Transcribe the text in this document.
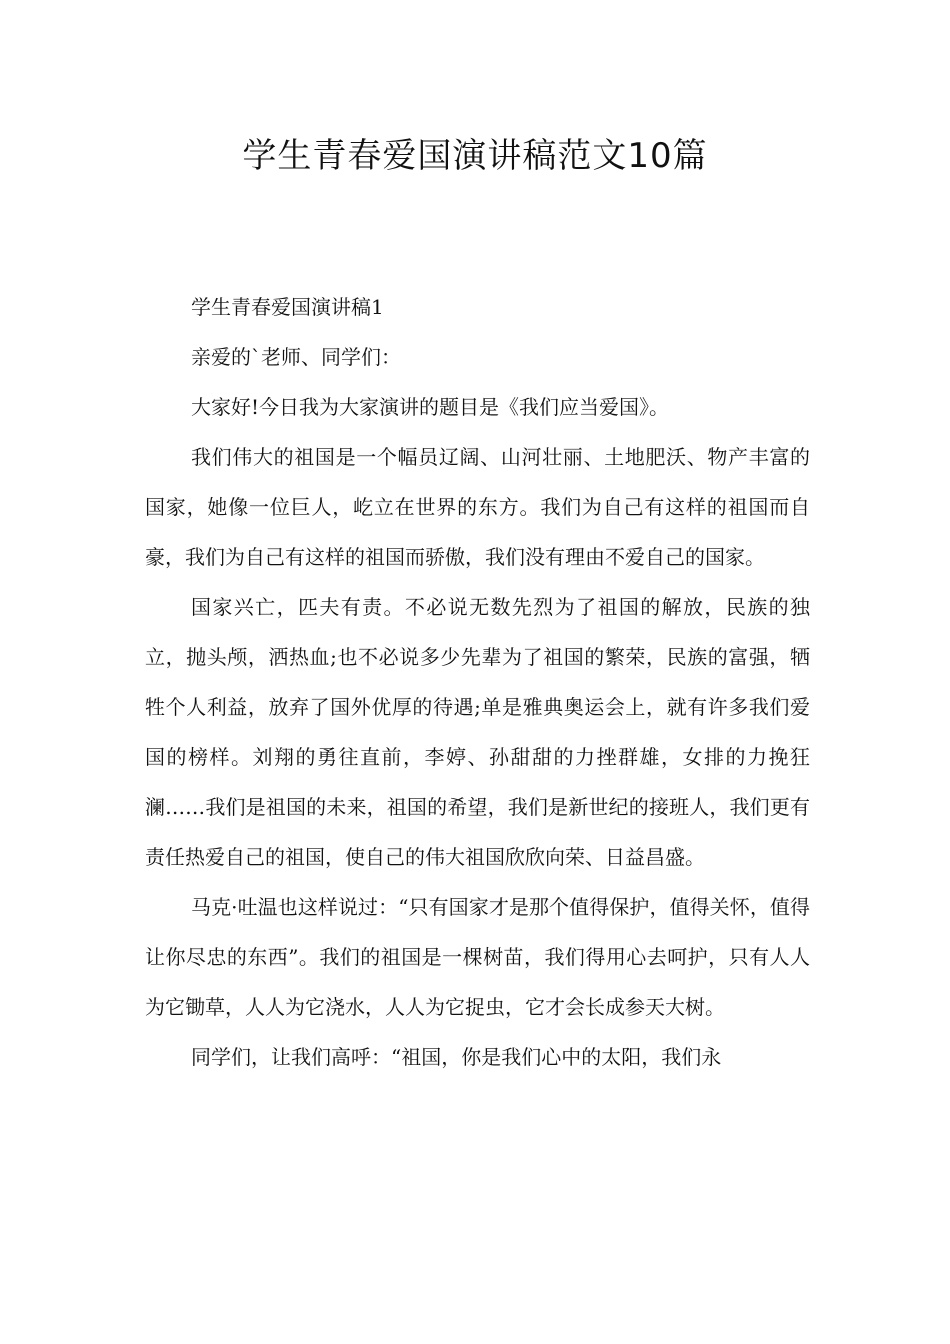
学生青春爱国演讲稿范文10篇

学生青春爱国演讲稿1

亲爱的`老师、同学们：

大家好!今日我为大家演讲的题目是《我们应当爱国》。

我们伟大的祖国是一个幅员辽阔、山河壮丽、土地肥沃、物产丰富的国家，她像一位巨人，屹立在世界的东方。我们为自己有这样的祖国而自豪，我们为自己有这样的祖国而骄傲，我们没有理由不爱自己的国家。

国家兴亡，匹夫有责。不必说无数先烈为了祖国的解放，民族的独立，抛头颅，洒热血;也不必说多少先辈为了祖国的繁荣，民族的富强，牺牲个人利益，放弃了国外优厚的待遇;单是雅典奥运会上，就有许多我们爱国的榜样。刘翔的勇往直前，李婷、孙甜甜的力挫群雄，女排的力挽狂澜……我们是祖国的未来，祖国的希望，我们是新世纪的接班人，我们更有责任热爱自己的祖国，使自己的伟大祖国欣欣向荣、日益昌盛。

马克·吐温也这样说过：“只有国家才是那个值得保护，值得关怀，值得让你尽忠的东西”。我们的祖国是一棵树苗，我们得用心去呵护，只有人人为它锄草，人人为它浇水，人人为它捉虫，它才会长成参天大树。

同学们，让我们高呼：“祖国，你是我们心中的太阳，我们永
